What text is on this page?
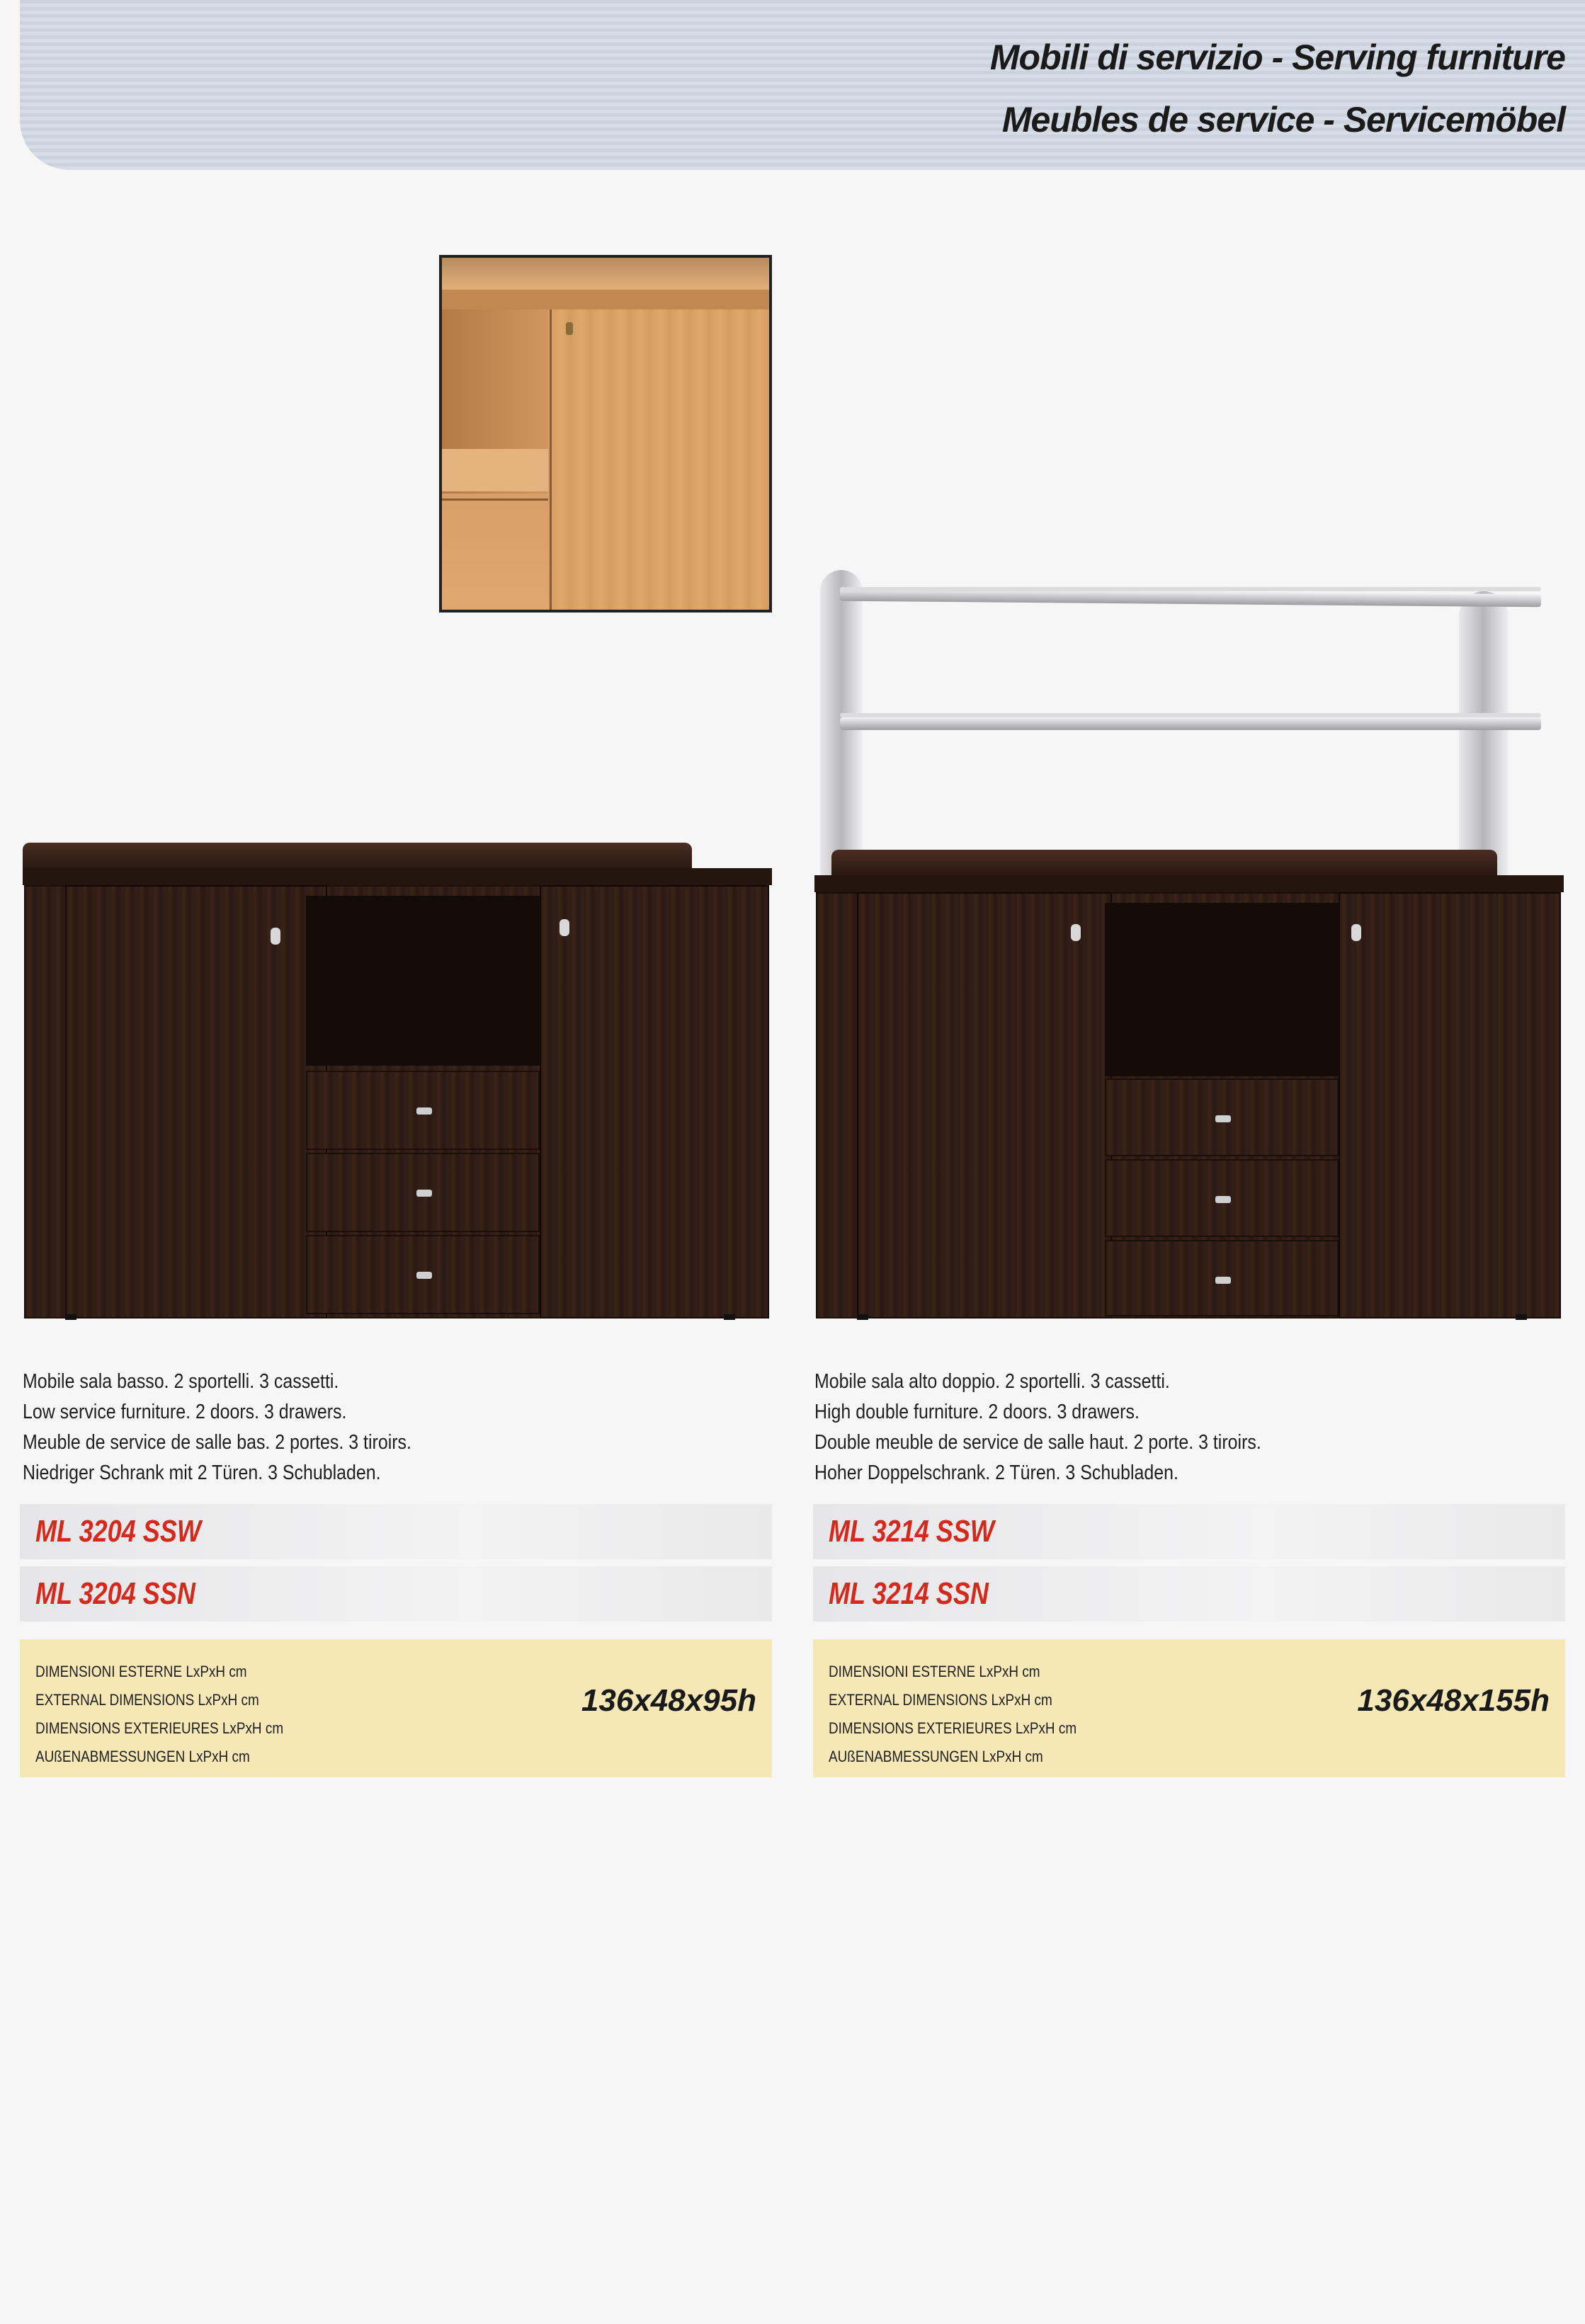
Mobili di servizio - Serving furniture
Meubles de service - Servicemöbel
Mobile sala basso. 2 sportelli. 3 cassetti.
Low service furniture. 2 doors. 3 drawers.
Meuble de service de salle bas. 2 portes. 3 tiroirs.
Niedriger Schrank mit 2 Türen. 3 Schubladen.
ML 3204 SSW
ML 3204 SSN
DIMENSIONI ESTERNE LxPxH cm
EXTERNAL DIMENSIONS LxPxH cm
DIMENSIONS EXTERIEURES LxPxH cm
AUßENABMESSUNGEN LxPxH cm
136x48x95h
Mobile sala alto doppio. 2 sportelli. 3 cassetti.
High double furniture. 2 doors. 3 drawers.
Double meuble de service de salle haut. 2 porte. 3 tiroirs.
Hoher Doppelschrank. 2 Türen. 3 Schubladen.
ML 3214 SSW
ML 3214 SSN
DIMENSIONI ESTERNE LxPxH cm
EXTERNAL DIMENSIONS LxPxH cm
DIMENSIONS EXTERIEURES LxPxH cm
AUßENABMESSUNGEN LxPxH cm
136x48x155h
